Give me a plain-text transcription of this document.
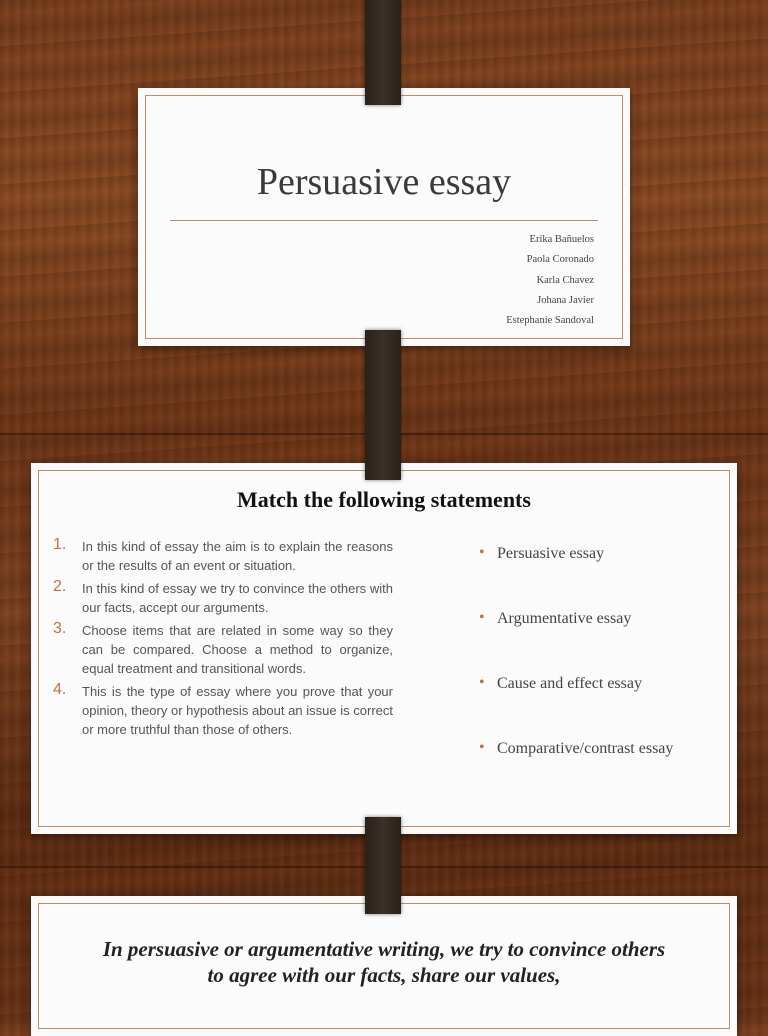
Persuasive essay
Erika Bañuelos
Paola Coronado
Karla Chavez
Johana Javier
Estephanie Sandoval
Match the following statements
1. In this kind of essay the aim is to explain the reasons or the results of an event or situation.
2. In this kind of essay we try to convince the others with our facts, accept our arguments.
3. Choose items that are related in some way so they can be compared. Choose a method to organize, equal treatment and transitional words.
4. This is the type of essay where you prove that your opinion, theory or hypothesis about an issue is correct or more truthful than those of others.
• Persuasive essay
• Argumentative essay
• Cause and effect essay
• Comparative/contrast essay
In persuasive or argumentative writing, we try to convince others
to agree with our facts, share our values,
